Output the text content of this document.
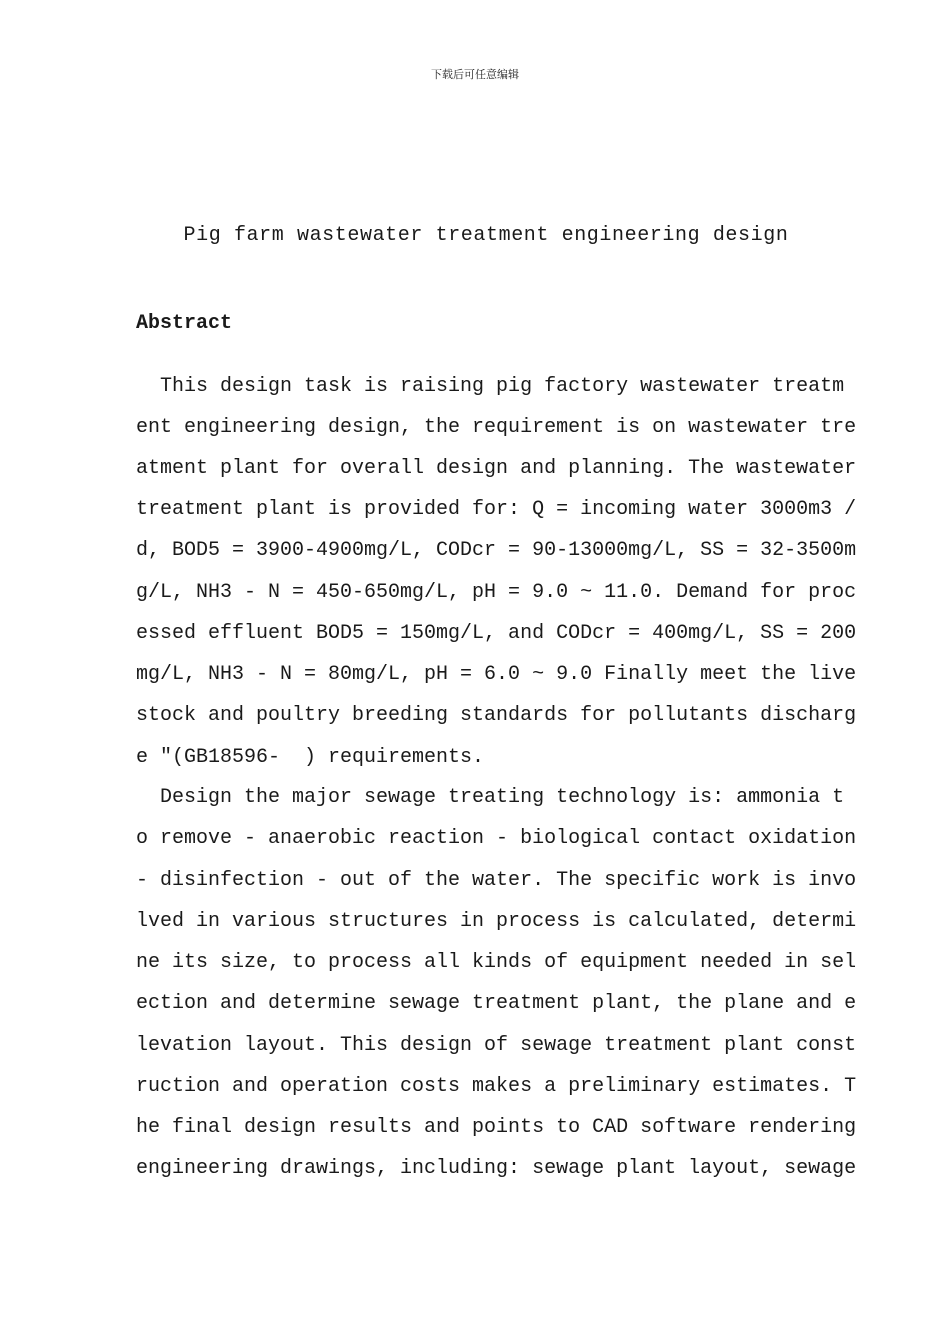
下载后可任意编辑
Pig farm wastewater treatment engineering design
Abstract
This design task is raising pig factory wastewater treatm
ent engineering design, the requirement is on wastewater tre
atment plant for overall design and planning. The wastewater
treatment plant is provided for: Q = incoming water 3000m3 /
d, BOD5 = 3900-4900mg/L, CODcr = 90-13000mg/L, SS = 32-3500m
g/L, NH3 - N = 450-650mg/L, pH = 9.0 ~ 11.0. Demand for proc
essed effluent BOD5 = 150mg/L, and CODcr = 400mg/L, SS = 200
mg/L, NH3 - N = 80mg/L, pH = 6.0 ~ 9.0 Finally meet the live
stock and poultry breeding standards for pollutants discharg
e "(GB18596-  ) requirements.
Design the major sewage treating technology is: ammonia t
o remove - anaerobic reaction - biological contact oxidation
- disinfection - out of the water. The specific work is invo
lved in various structures in process is calculated, determi
ne its size, to process all kinds of equipment needed in sel
ection and determine sewage treatment plant, the plane and e
levation layout. This design of sewage treatment plant const
ruction and operation costs makes a preliminary estimates. T
he final design results and points to CAD software rendering
engineering drawings, including: sewage plant layout, sewage
